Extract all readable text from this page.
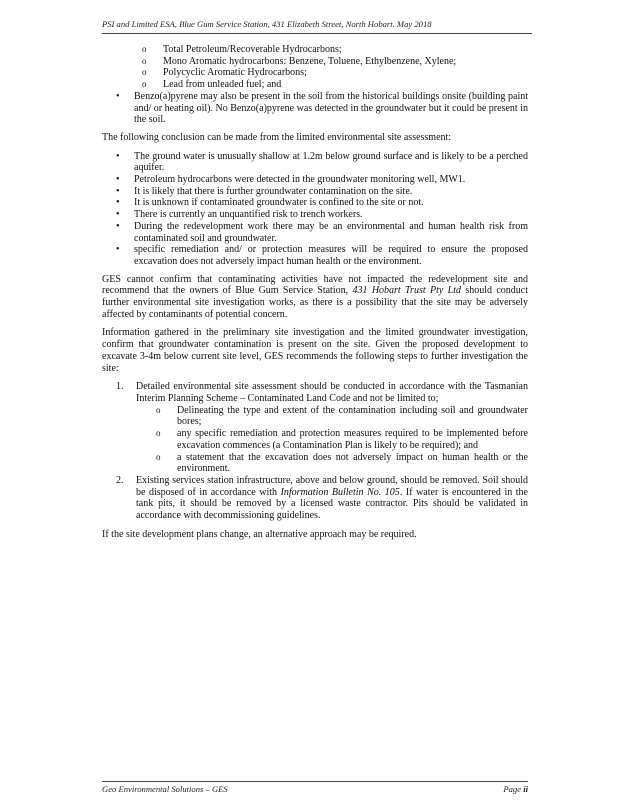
PSI and Limited ESA, Blue Gum Service Station, 431 Elizabeth Street, North Hobart. May 2018
o Total Petroleum/Recoverable Hydrocarbons;
o Mono Aromatic hydrocarbons: Benzene, Toluene, Ethylbenzene, Xylene;
o Polycyclic Aromatic Hydrocarbons;
o Lead from unleaded fuel; and
• Benzo(a)pyrene may also be present in the soil from the historical buildings onsite (building paint and/ or heating oil). No Benzo(a)pyrene was detected in the groundwater but it could be present in the soil.

The following conclusion can be made from the limited environmental site assessment:

• The ground water is unusually shallow at 1.2m below ground surface and is likely to be a perched aquifer.
• Petroleum hydrocarbons were detected in the groundwater monitoring well, MW1.
• It is likely that there is further groundwater contamination on the site.
• It is unknown if contaminated groundwater is confined to the site or not.
• There is currently an unquantified risk to trench workers.
• During the redevelopment work there may be an environmental and human health risk from contaminated soil and groundwater.
• specific remediation and/ or protection measures will be required to ensure the proposed excavation does not adversely impact human health or the environment.

GES cannot confirm that contaminating activities have not impacted the redevelopment site and recommend that the owners of Blue Gum Service Station, 431 Hobart Trust Pty Ltd should conduct further environmental site investigation works, as there is a possibility that the site may be adversely affected by contaminants of potential concern.

Information gathered in the preliminary site investigation and the limited groundwater investigation, confirm that groundwater contamination is present on the site. Given the proposed development to excavate 3-4m below current site level, GES recommends the following steps to further investigation the site:

1. Detailed environmental site assessment should be conducted in accordance with the Tasmanian Interim Planning Scheme – Contaminated Land Code and not be limited to;
o Delineating the type and extent of the contamination including soil and groundwater bores;
o any specific remediation and protection measures required to be implemented before excavation commences (a Contamination Plan is likely to be required); and
o a statement that the excavation does not adversely impact on human health or the environment.
2. Existing services station infrastructure, above and below ground, should be removed. Soil should be disposed of in accordance with Information Bulletin No. 105. If water is encountered in the tank pits, it should be removed by a licensed waste contractor. Pits should be validated in accordance with decommissioning guidelines.

If the site development plans change, an alternative approach may be required.

Geo Environmental Solutions – GES	Page ii
